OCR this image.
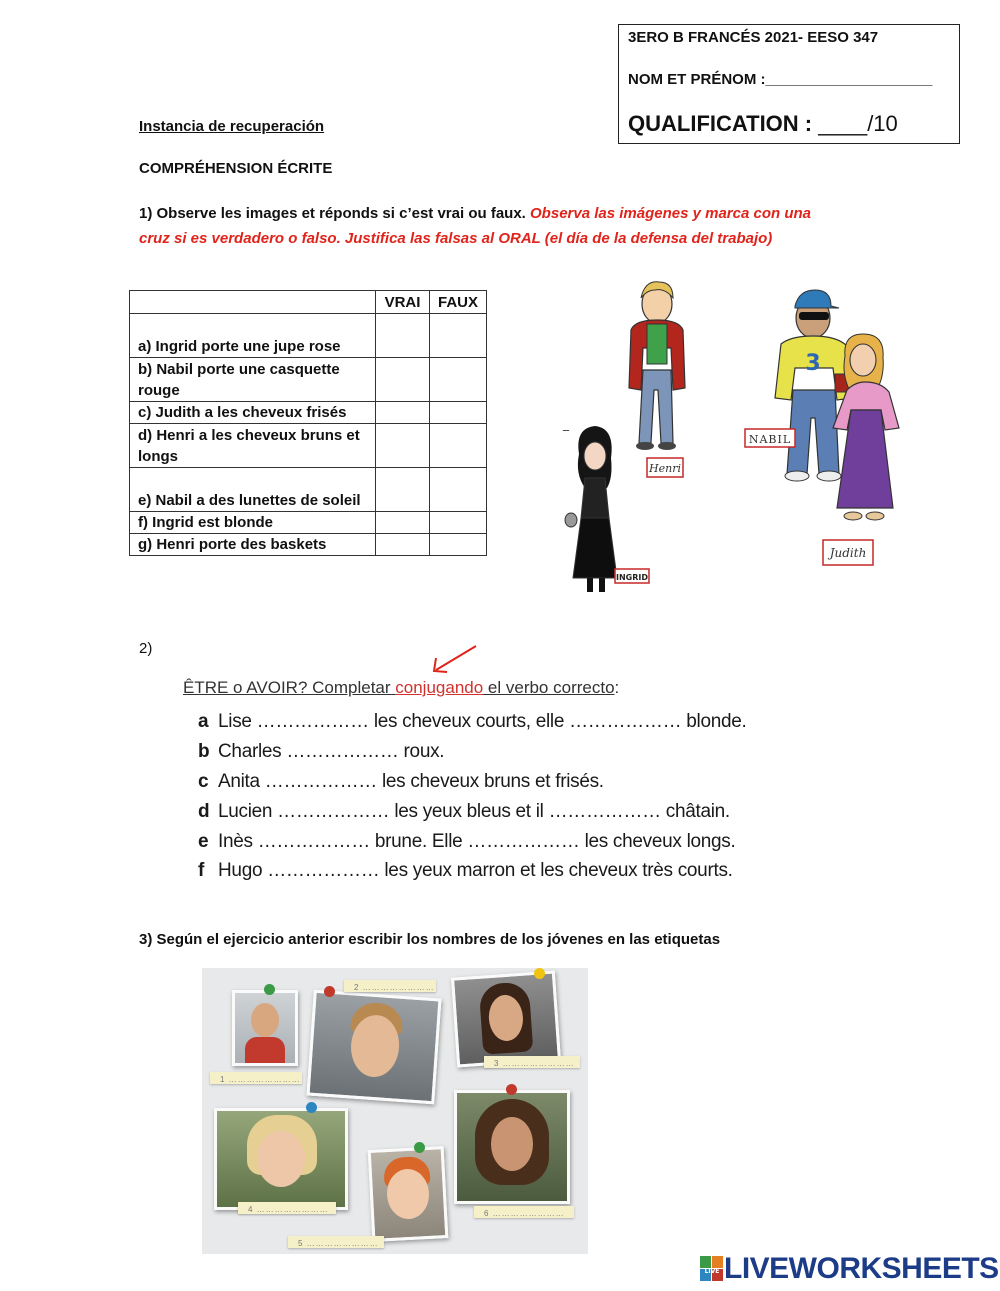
3ERO B FRANCÉS 2021- EESO 347
NOM ET PRÉNOM :____________________
QUALIFICATION : ____/10
Instancia de recuperación
COMPRÉHENSION ÉCRITE
1) Observe les images et réponds si c’est vrai ou faux. Observa las imágenes y marca con una
cruz si es verdadero o falso. Justifica las falsas al ORAL (el día de la defensa del trabajo)
	VRAI	FAUX
a) Ingrid porte une jupe rose		
b) Nabil porte une casquette rouge		
c) Judith a les cheveux frisés		
d) Henri a les cheveux bruns et longs		
e) Nabil a des lunettes de soleil		
f) Ingrid est blonde		
g) Henri porte des baskets		
Henri
3
NABIL
Judith
_
INGRID
2)
ÊTRE o AVOIR? Completar conjugando el verbo correcto:
a Lise ……………… les cheveux courts, elle ……………… blonde.
b Charles ……………… roux.
c Anita ……………… les cheveux bruns et frisés.
d Lucien ……………… les yeux bleus et il ……………… châtain.
e Inès ……………… brune. Elle ……………… les cheveux longs.
f Hugo ……………… les yeux marron et les cheveux très courts.
3) Según el ejercicio anterior escribir los nombres de los jóvenes en las etiquetas
1 ……………………
2 ……………………
3 ……………………
4 ……………………
5 ……………………
6 ……………………
LIVE LIVEWORKSHEETS
